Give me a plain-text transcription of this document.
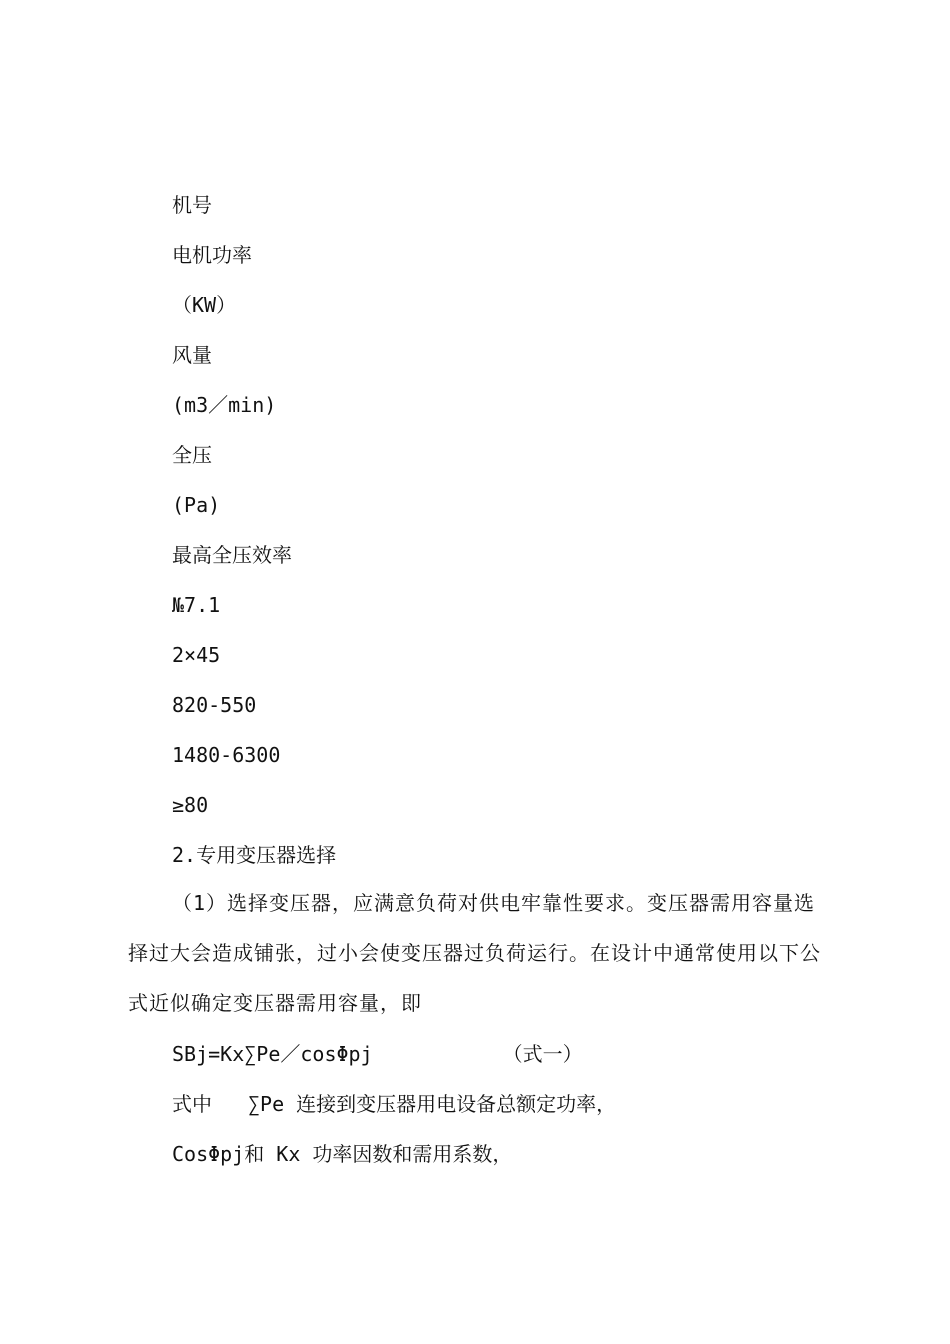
机号
电机功率
（KW）
风量
(m3／min)
全压
(Pa)
最高全压效率
№7.1
2×45
820-550
1480-6300
≥80
2.专用变压器选择
（1）选择变压器，应满意负荷对供电牢靠性要求。变压器需用容量选择过大会造成铺张，过小会使变压器过负荷运行。在设计中通常使用以下公式近似确定变压器需用容量，即
SBj=Kx∑Pe／cosΦpj	（式一）
式中 ∑Pe 连接到变压器用电设备总额定功率，
CosΦpj和 Kx 功率因数和需用系数，
